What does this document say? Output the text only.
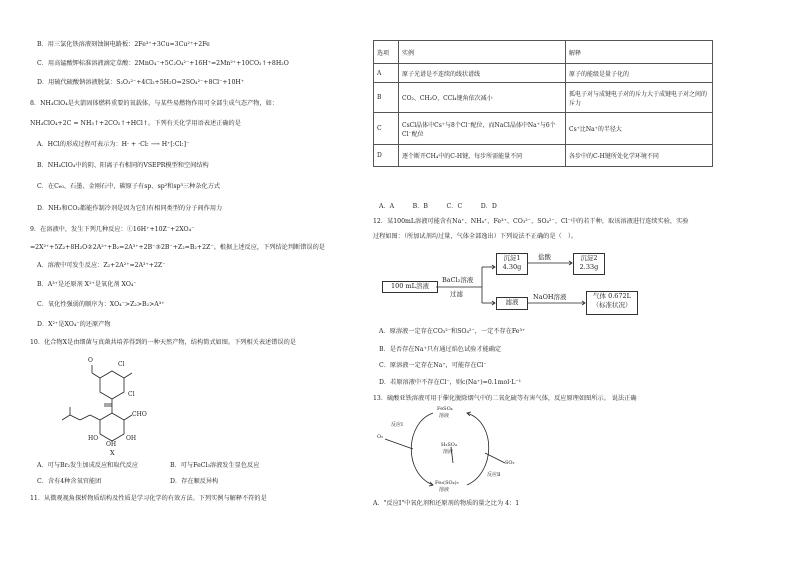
B．用三氯化铁溶液刻蚀铜电路板：2Fe³⁺+3Cu=3Cu²⁺+2Fe
C．用高锰酸钾标准溶液滴定草酸：2MnO₄⁻+5C₂O₄²⁻+16H⁺=2Mn²⁺+10CO₂↑+8H₂O
D．用硫代硫酸钠溶液脱氯：S₂O₃²⁻+4Cl₂+5H₂O=2SO₄²⁻+8Cl⁻+10H⁺
8．NH₄ClO₄是火箭固体燃料重要的氧载体，与某些易燃物作用可全部生成气态产物，如：
NH₄ClO₄+2C = NH₃↑+2CO₂↑+HCl↑。下列有关化学用语表述正确的是
A．HCl的形成过程可表示为：H· + ·Cl: ⟶ H⁺[:Cl:]⁻
B．NH₄ClO₄中的阴、阳离子有相同的VSEPR模型和空间结构
C．在C₆₀、石墨、金刚石中，碳原子有sp、sp²和sp³三种杂化方式
D．NH₃和CO₂都能作制冷剂是因为它们有相同类型的分子间作用力
9．在溶液中，发生下列几种反应：①16H⁺+10Z⁻+2XO₄⁻
=2X²⁺+5Z₂+8H₂O②2A²⁺+B₂=2A³⁺+2B⁻③2B⁻+Z₂=B₂+2Z⁻。根据上述反应，下列结论判断错误的是
A．溶液中可发生反应：Z₂+2A²⁺=2A³⁺+2Z⁻
B．A³⁺是还原剂 X²⁺是氧化剂 XO₄⁻
C．氧化性强弱的顺序为：XO₄⁻>Z₂>B₂>A³⁺
D．X²⁺是XO₄⁻的还原产物
10．化合物X是由细菌与真菌共培养得到的一种天然产物，结构简式如图。下列相关表述错误的是
Cl
Cl
O
CHO
OH
HO
OH
X
A．可与Br₂发生加成反应和取代反应	B．可与FeCl₃溶液发生显色反应
C．含有4种含氧官能团	D．存在顺反异构
11．从微观视角探析物质结构及性质是学习化学的有效方法。下列实例与解释不符的是
选项	实例	解释
A	原子光谱是不连续的线状谱线	原子的能级是量子化的
B	CO₂、CH₂O、CCl₄键角依次减小	孤电子对与成键电子对的斥力大于成键电子对之间的斥力
C	CsCl晶体中Cs⁺与8个Cl⁻配位，而NaCl晶体中Na⁺与6个Cl⁻配位	Cs⁺比Na⁺的半径大
D	逐个断开CH₄中的C-H键，每步所需能量不同	各步中的C-H键所处化学环境不同
A．A　　　B．B　　　C．C　　　D．D
12．某100mL溶液可能含有Na⁺、NH₄⁺、Fe³⁺、CO₃²⁻、SO₄²⁻、Cl⁻中的若干种，取该溶液进行连续实验，实验
过程如图：（所加试剂均过量，气体全部逸出）下列说法不正确的是（　）。
100 mL溶液
BaCl₂溶液
过滤
沉淀1
4.30g
盐酸	沉淀2
2.33g
滤液
NaOH溶液	气体 0.672L
（标准状况）
A．原溶液一定存在CO₃²⁻和SO₄²⁻，一定不存在Fe³⁺
B．是否存在Na⁺只有通过焰色试验才能确定
C．原溶液一定存在Na⁺，可能存在Cl⁻
D．若原溶液中不存在Cl⁻，则c(Na⁺)=0.1mol·L⁻¹
13．硫酸亚铁溶液可用于催化脱除烟气中的二氧化硫等有害气体，反应原理如图所示。 说法正确
FeSO₄
溶液
H₂SO₄
溶液
Fe₂(SO₄)₃
溶液
反应Ⅰ
反应Ⅱ
O₂
SO₂
A．"反应Ⅰ"中氧化剂和还原剂的物质的量之比为 4：1
